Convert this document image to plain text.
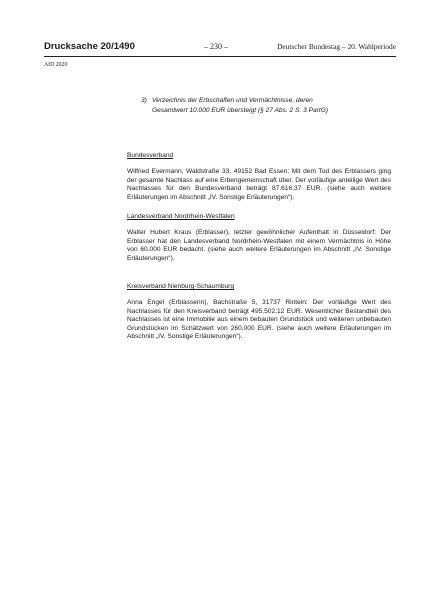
Drucksache 20/1490	– 230 –	Deutscher Bundestag – 20. Wahlperiode
AfD 2020
3) Verzeichnis der Erbschaften und Vermächtnisse, deren
Gesamtwert 10.000 EUR übersteigt (§ 27 Abs. 2 S. 3 PartG)
Bundesverband

Wilfried Evermann, Waldstraße 33, 49152 Bad Essen: Mit dem Tod des Erblassers ging der gesamte Nachlass auf eine Erbengemeinschaft über. Der vorläufige anteilige Wert des Nachlasses für den Bundesverband beträgt 87.616,37 EUR. (siehe auch weitere Erläuterungen im Abschnitt „IV. Sonstige Erläuterungen“).

Landesverband Nordrhein-Westfalen

Walter Hubert Kraus (Erblasser), letzter gewöhnlicher Aufenthalt in Düsseldorf: Der Erblasser hat den Landesverband Nordrhein-Westfalen mit einem Vermächtnis in Höhe von 60.000 EUR bedacht. (siehe auch weitere Erläuterungen im Abschnitt „IV. Sonstige Erläuterungen“).

Kreisverband Nienburg-Schaumburg

Anna Engel (Erblasserin), Bachstraße 5, 31737 Rinteln: Der vorläufige Wert des Nachlasses für den Kreisverband beträgt 495.502,12 EUR. Wesentlicher Bestandteil des Nachlasses ist eine Immobilie aus einem bebauten Grundstück und weiteren unbebauten Grundstücken im Schätzwert von 260.000 EUR. (siehe auch weitere Erläuterungen im Abschnitt „IV. Sonstige Erläuterungen“).
